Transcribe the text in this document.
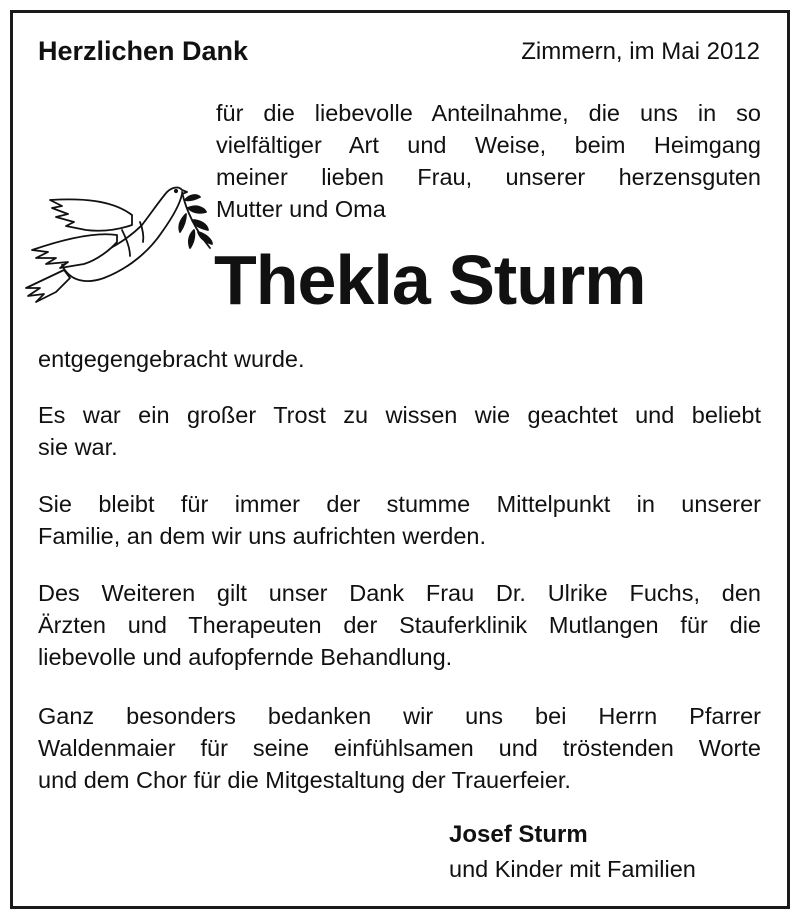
Herzlichen Dank	Zimmern, im Mai 2012
für die liebevolle Anteilnahme, die uns in so
vielfältiger Art und Weise, beim Heimgang
meiner lieben Frau, unserer herzensguten
Mutter und Oma
Thekla Sturm
entgegengebracht wurde.
Es war ein großer Trost zu wissen wie geachtet und beliebt
sie war.
Sie bleibt für immer der stumme Mittelpunkt in unserer
Familie, an dem wir uns aufrichten werden.
Des Weiteren gilt unser Dank Frau Dr. Ulrike Fuchs, den
Ärzten und Therapeuten der Stauferklinik Mutlangen für die
liebevolle und aufopfernde Behandlung.
Ganz besonders bedanken wir uns bei Herrn Pfarrer
Waldenmaier für seine einfühlsamen und tröstenden Worte
und dem Chor für die Mitgestaltung der Trauerfeier.
Josef Sturm
und Kinder mit Familien
